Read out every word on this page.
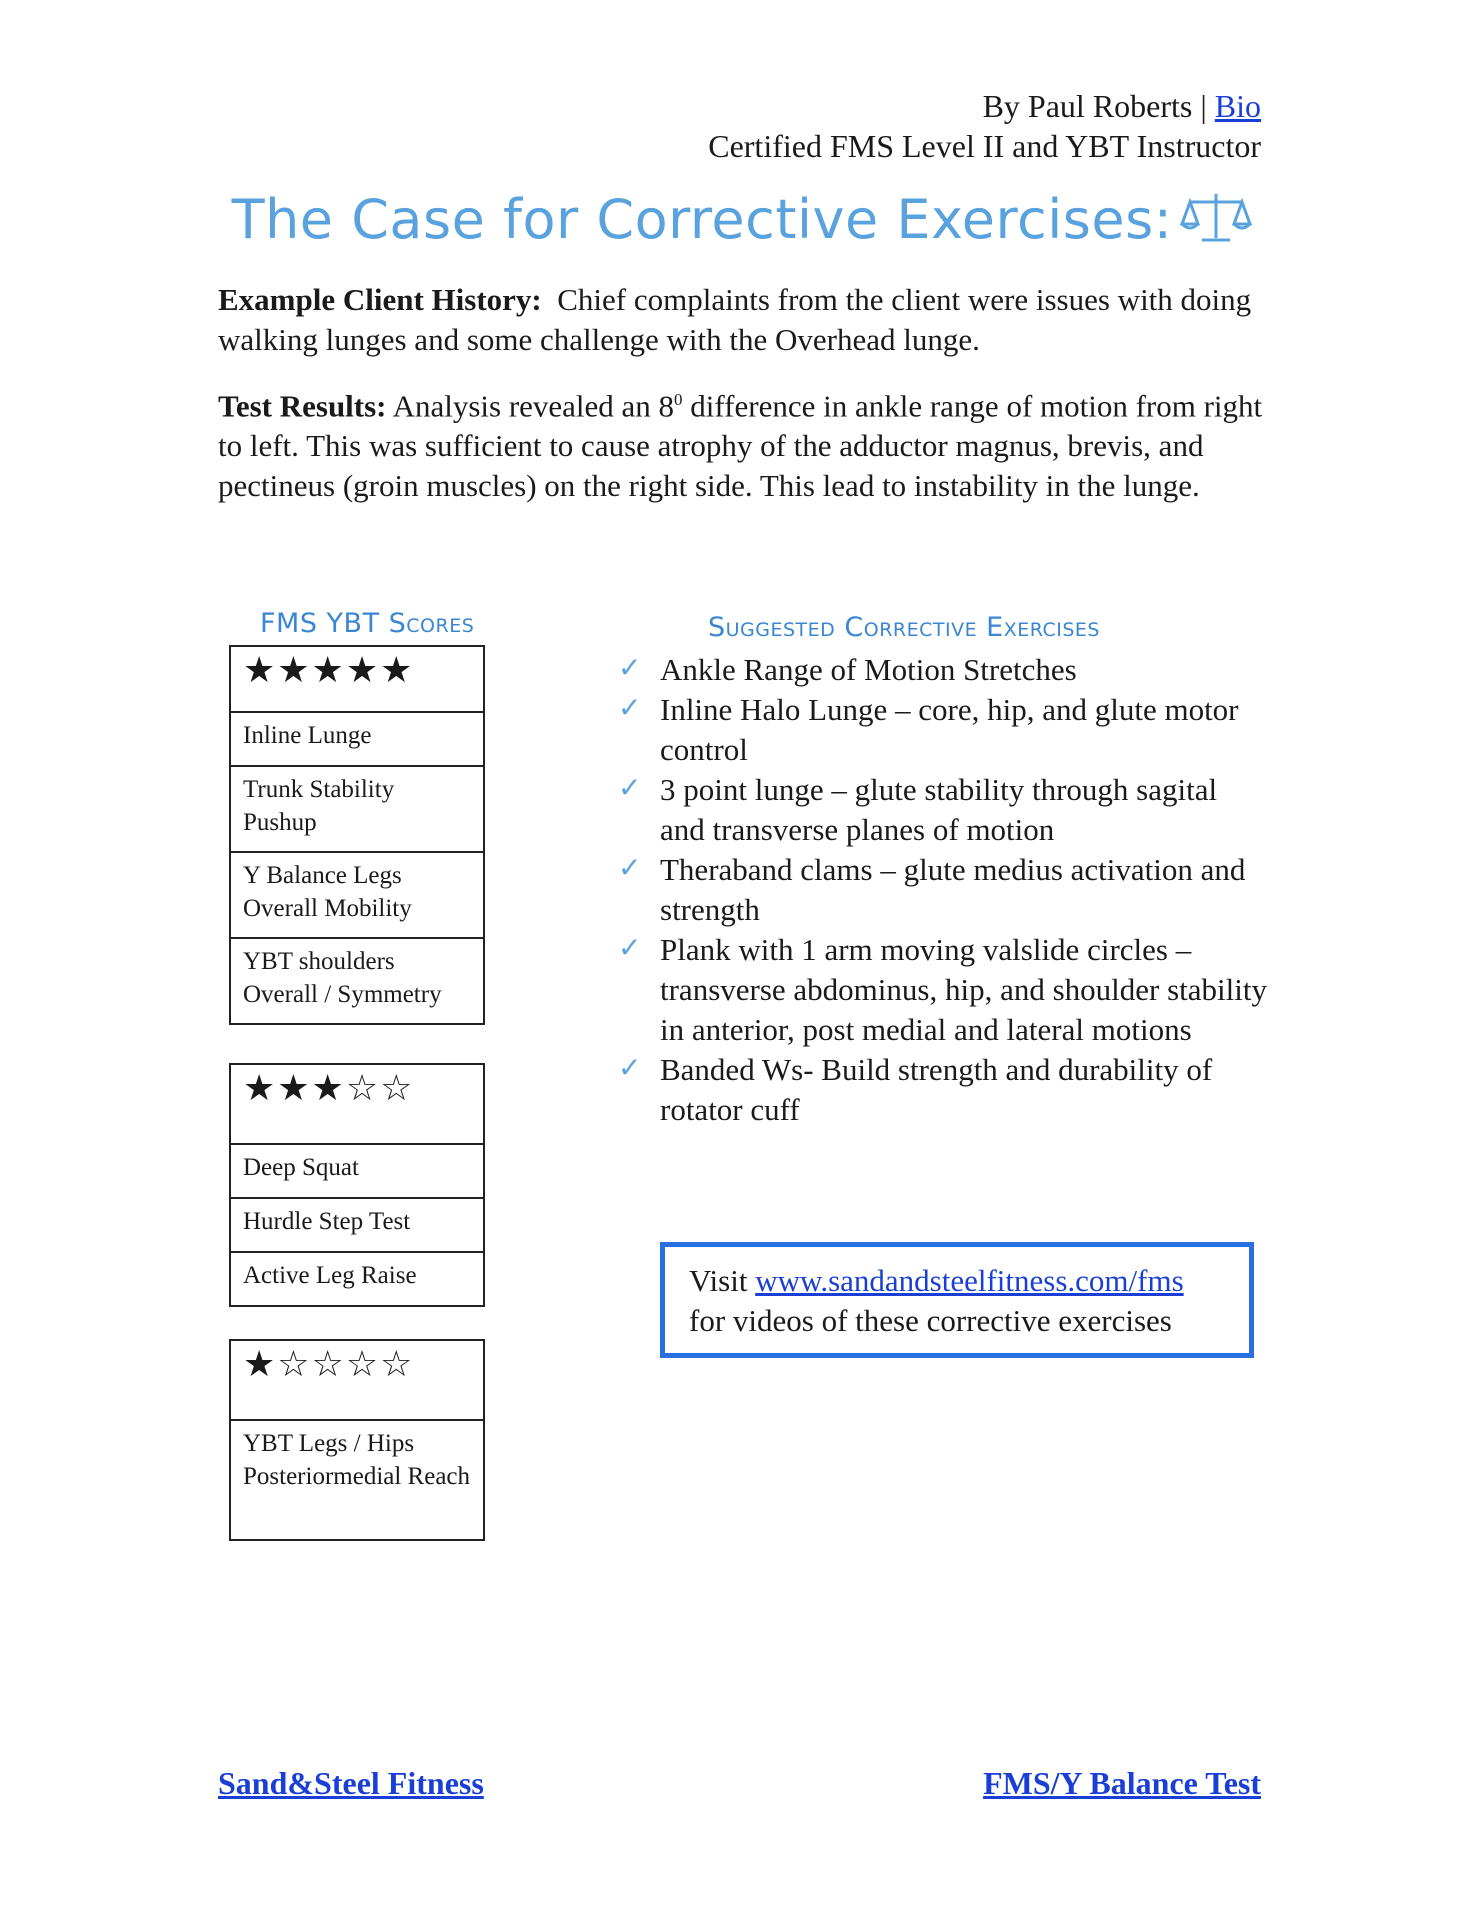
By Paul Roberts | Bio
Certified FMS Level II and YBT Instructor
The Case for Corrective Exercises:
Example Client History: Chief complaints from the client were issues with doing walking lunges and some challenge with the Overhead lunge.
Test Results: Analysis revealed an $8^0$ difference in ankle range of motion from right to left. This was sufficient to cause atrophy of the adductor magnus, brevis, and pectineus (groin muscles) on the right side. This lead to instability in the lunge.
FMS YBT Scores
★★★★★
Inline Lunge
Trunk Stability Pushup
Y Balance Legs Overall Mobility
YBT shoulders Overall / Symmetry
★★★☆☆
Deep Squat
Hurdle Step Test
Active Leg Raise
★☆☆☆☆
YBT Legs / Hips Posteriormedial Reach
Suggested Corrective Exercises
✓ Ankle Range of Motion Stretches
✓ Inline Halo Lunge – core, hip, and glute motor control
✓ 3 point lunge – glute stability through sagital and transverse planes of motion
✓ Theraband clams – glute medius activation and strength
✓ Plank with 1 arm moving valslide circles – transverse abdominus, hip, and shoulder stability in anterior, post medial and lateral motions
✓ Banded Ws- Build strength and durability of rotator cuff
Visit www.sandandsteelfitness.com/fms
for videos of these corrective exercises
Sand&Steel Fitness	FMS/Y Balance Test
